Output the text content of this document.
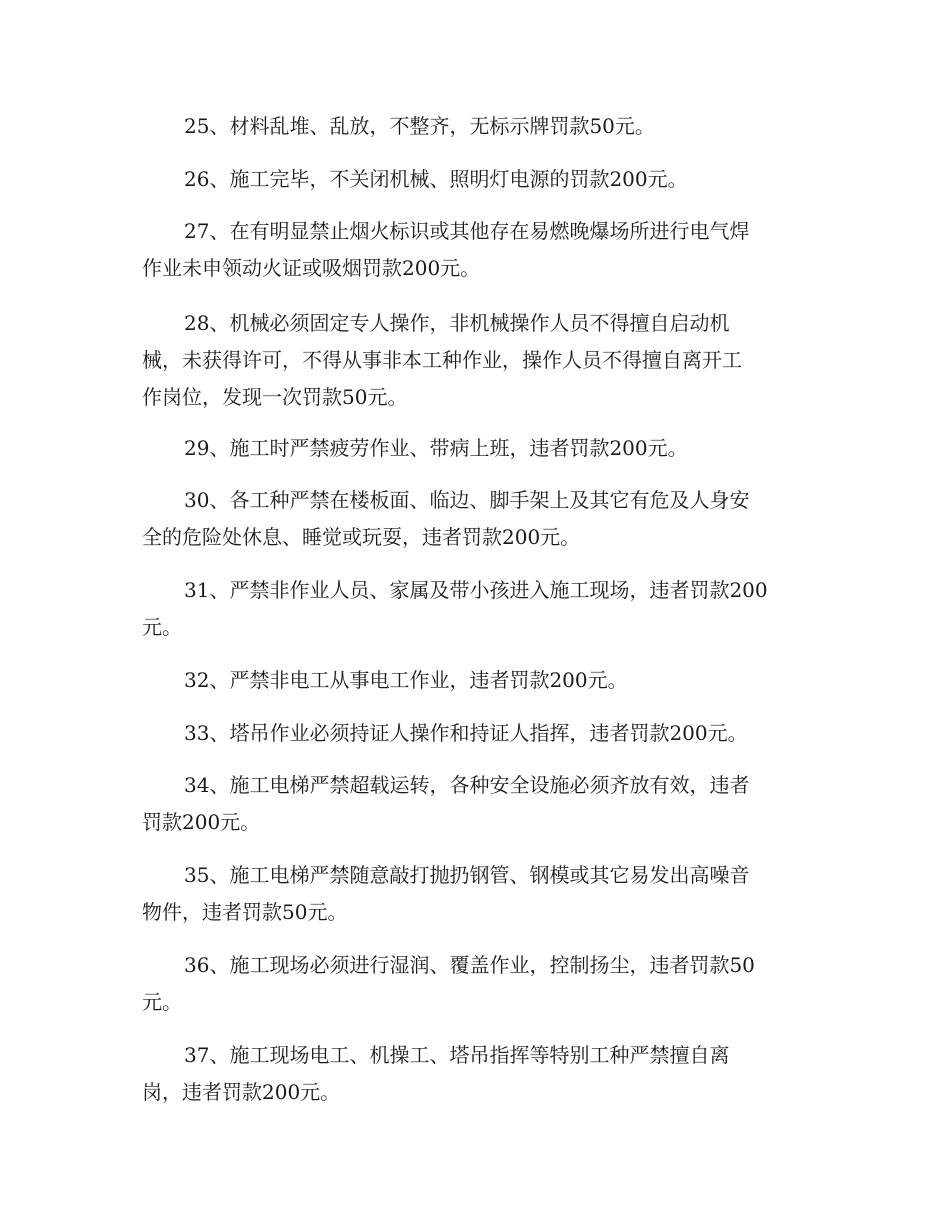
25、材料乱堆、乱放，不整齐，无标示牌罚款50元。
26、施工完毕，不关闭机械、照明灯电源的罚款200元。
27、在有明显禁止烟火标识或其他存在易燃晚爆场所进行电气焊
作业未申领动火证或吸烟罚款200元。
28、机械必须固定专人操作，非机械操作人员不得擅自启动机
械，未获得许可，不得从事非本工种作业，操作人员不得擅自离开工
作岗位，发现一次罚款50元。
29、施工时严禁疲劳作业、带病上班，违者罚款200元。
30、各工种严禁在楼板面、临边、脚手架上及其它有危及人身安
全的危险处休息、睡觉或玩耍，违者罚款200元。
31、严禁非作业人员、家属及带小孩进入施工现场，违者罚款200
元。
32、严禁非电工从事电工作业，违者罚款200元。
33、塔吊作业必须持证人操作和持证人指挥，违者罚款200元。
34、施工电梯严禁超载运转，各种安全设施必须齐放有效，违者
罚款200元。
35、施工电梯严禁随意敲打抛扔钢管、钢模或其它易发出高噪音
物件，违者罚款50元。
36、施工现场必须进行湿润、覆盖作业，控制扬尘，违者罚款50
元。
37、施工现场电工、机操工、塔吊指挥等特别工种严禁擅自离
岗，违者罚款200元。
